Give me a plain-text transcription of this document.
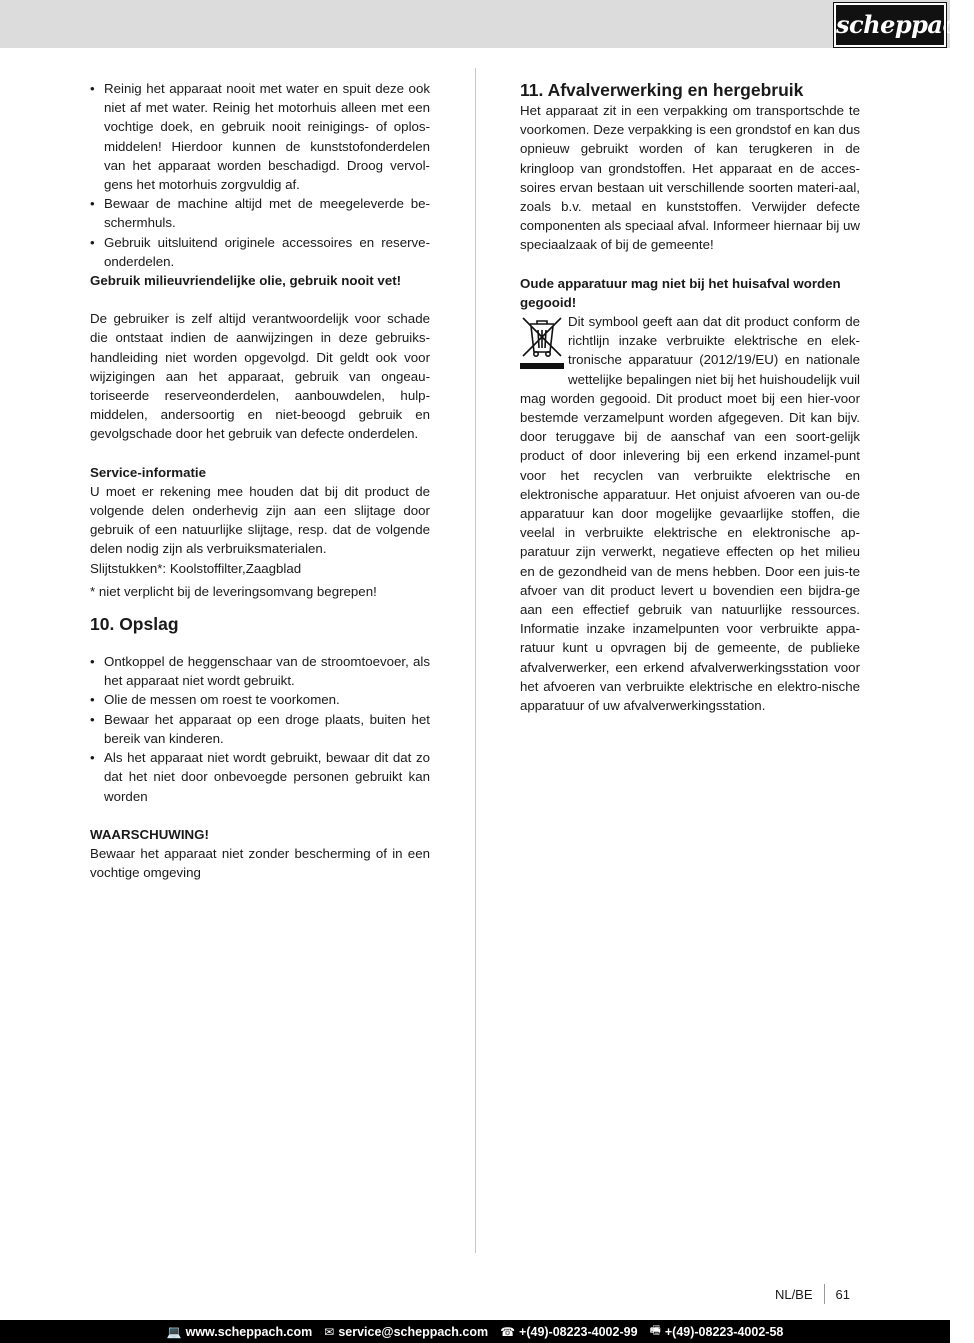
scheppach
• Reinig het apparaat nooit met water en spuit deze ook niet af met water. Reinig het motorhuis alleen met een vochtige doek, en gebruik nooit reinigings- of oplos-middelen! Hierdoor kunnen de kunststofonderdelen van het apparaat worden beschadigd. Droog vervol-gens het motorhuis zorgvuldig af.
• Bewaar de machine altijd met de meegeleverde be-schermhuls.
• Gebruik uitsluitend originele accessoires en reserve-onderdelen.

Gebruik milieuvriendelijke olie, gebruik nooit vet!

De gebruiker is zelf altijd verantwoordelijk voor schade die ontstaat indien de aanwijzingen in deze gebruiks-handleiding niet worden opgevolgd. Dit geldt ook voor wijzigingen aan het apparaat, gebruik van ongeau-toriseerde reserveonderdelen, aanbouwdelen, hulp-middelen, andersoortig en niet-beoogd gebruik en gevolgschade door het gebruik van defecte onderdelen.

Service-informatie

U moet er rekening mee houden dat bij dit product de volgende delen onderhevig zijn aan een slijtage door gebruik of een natuurlijke slijtage, resp. dat de volgende delen nodig zijn als verbruiksmaterialen.

Slijtstukken*: Koolstoffilter,Zaagblad

* niet verplicht bij de leveringsomvang begrepen!

10. Opslag
• Ontkoppel de heggenschaar van de stroomtoevoer, als het apparaat niet wordt gebruikt.
• Olie de messen om roest te voorkomen.
• Bewaar het apparaat op een droge plaats, buiten het bereik van kinderen.
• Als het apparaat niet wordt gebruikt, bewaar dit dat zo dat het niet door onbevoegde personen gebruikt kan worden

WAARSCHUWING!

Bewaar het apparaat niet zonder bescherming of in een vochtige omgeving

11. Afvalverwerking en hergebruik

Het apparaat zit in een verpakking om transportschde te voorkomen. Deze verpakking is een grondstof en kan dus opnieuw gebruikt worden of kan terugkeren in de kringloop van grondstoffen. Het apparaat en de acces-soires ervan bestaan uit verschillende soorten materi-aal, zoals b.v. metaal en kunststoffen. Verwijder defecte componenten als speciaal afval. Informeer hiernaar bij uw speciaalzaak of bij de gemeente!

Oude apparatuur mag niet bij het huisafval worden gegooid!

Dit symbool geeft aan dat dit product conform de richtlijn inzake verbruikte elektrische en elek-tronische apparatuur (2012/19/EU) en nationale wettelijke bepalingen niet bij het huishoudelijk vuil mag worden gegooid. Dit product moet bij een hier-voor bestemde verzamelpunt worden afgegeven. Dit kan bijv. door teruggave bij de aanschaf van een soort-gelijk product of door inlevering bij een erkend inzamel-punt voor het recyclen van verbruikte elektrische en elektronische apparatuur. Het onjuist afvoeren van ou-de apparatuur kan door mogelijke gevaarlijke stoffen, die veelal in verbruikte elektrische en elektronische ap-paratuur zijn verwerkt, negatieve effecten op het milieu en de gezondheid van de mens hebben. Door een juis-te afvoer van dit product levert u bovendien een bijdra-ge aan een effectief gebruik van natuurlijke ressources. Informatie inzake inzamelpunten voor verbruikte appa-ratuur kunt u opvragen bij de gemeente, de publieke afvalverwerker, een erkend afvalverwerkingsstation voor het afvoeren van verbruikte elektrische en elektro-nische apparatuur of uw afvalverwerkingsstation.

NL/BE 61
💻 www.scheppach.com ✉ service@scheppach.com ☎ +(49)-08223-4002-99 🖷 +(49)-08223-4002-58
